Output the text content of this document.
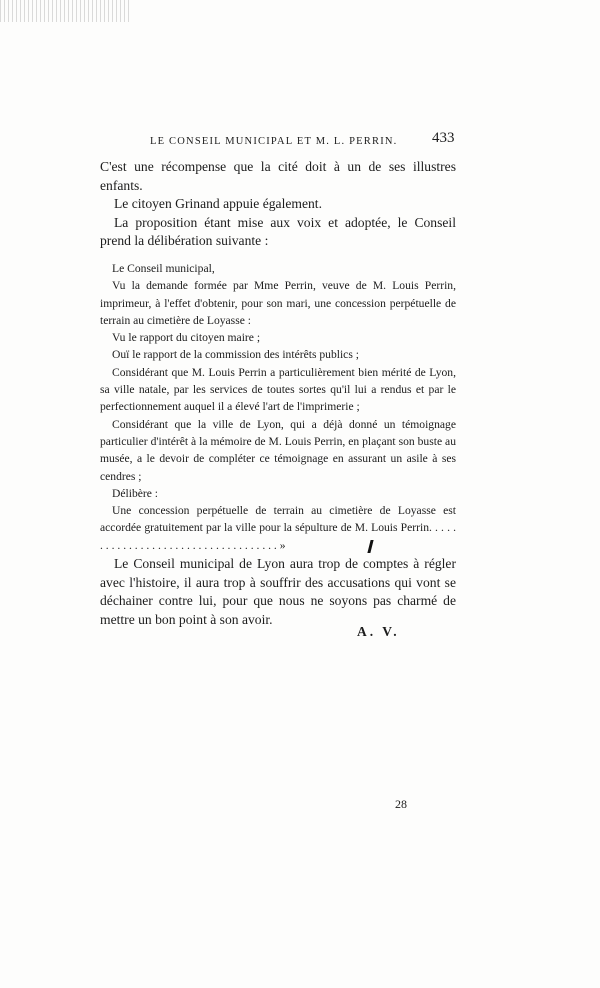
LE CONSEIL MUNICIPAL ET M. L. PERRIN.	433

C'est une récompense que la cité doit à un de ses illustres enfants.

Le citoyen Grinand appuie également.

La proposition étant mise aux voix et adoptée, le Conseil prend la délibération suivante :

Le Conseil municipal,

Vu la demande formée par Mme Perrin, veuve de M. Louis Perrin, imprimeur, à l'effet d'obtenir, pour son mari, une concession perpétuelle de terrain au cimetière de Loyasse :

Vu le rapport du citoyen maire ;

Ouï le rapport de la commission des intérêts publics ;

Considérant que M. Louis Perrin a particulièrement bien mérité de Lyon, sa ville natale, par les services de toutes sortes qu'il lui a rendus et par le perfectionnement auquel il a élevé l'art de l'imprimerie ;

Considérant que la ville de Lyon, qui a déjà donné un témoignage particulier d'intérêt à la mémoire de M. Louis Perrin, en plaçant son buste au musée, a le devoir de compléter ce témoignage en assurant un asile à ses cendres ;

Délibère :

Une concession perpétuelle de terrain au cimetière de Loyasse est accordée gratuitement par la ville pour la sépulture de M. Louis Perrin. . . . . . . . . . . . . . . . . . . . . . . . . . . . . . . . . . . . »

Le Conseil municipal de Lyon aura trop de comptes à régler avec l'histoire, il aura trop à souffrir des accusations qui vont se déchainer contre lui, pour que nous ne soyons pas charmé de mettre un bon point à son avoir.

A. V.
28
